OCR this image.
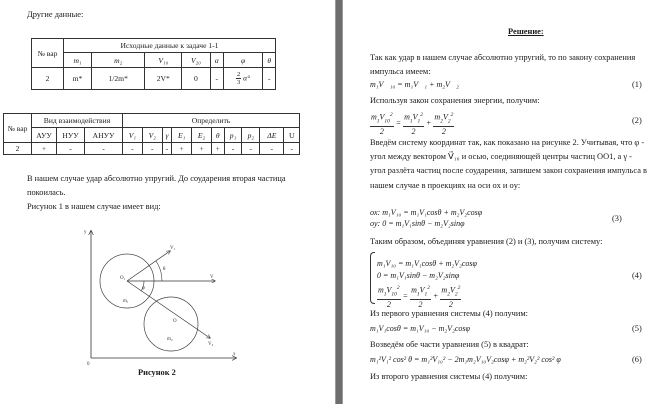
Другие данные:
№ вар	Исходные данные к задаче 1-1						
	m₁	m₂	V₁₀	V₂₀	α	φ	θ
2	m*	1/2m*	2V*	0	-	$\frac{2}{3} \alpha^\circ$	-
№ вар	Вид взаимодействия			Определить									
	АУУ	НУУ	АНУУ	V₁	V₂	γ	E₁	E₂	θ	p₁	p₂	ΔE	U
2	+	-	-	-	-	-	+	+	+	-	-	-	-
В нашем случае удар абсолютно упругий. До соударения вторая частица
покоилась.
Рисунок 1 в нашем случае имеет вид:
y
x
0
O₁
O
m₁
m₂
V₁
V₂
V
θ
φ
Рисунок 2
Решение:
Так как удар в нашем случае абсолютно упругий, то по закону сохранения
импульса имеем:
m₁V⃗₁₀ = m₁V⃗₁ + m₂V⃗₂	(1)
Используя закон сохранения энергии, получим:
$\frac{m_1V_{10}^2}{2} = \frac{m_1V_1^2}{2} + \frac{m_2V_2^2}{2}$	(2)
Введём систему координат так, как показано на рисунке 2. Учитывая, что φ -
угол между вектором V⃗₁₀ и осью, соединяющей центры частиц OO1, а γ -
угол разлёта частиц после соударения, запишем закон сохранения импульса в
нашем случае в проекциях на оси ox и oy:
ox: m₁V₁₀ = m₁V₁cosθ + m₂V₂cosφ
oy: 0 = m₁V₁sinθ − m₂V₂sinφ
(3)
Таким образом, объединяя уравнения (2) и (3), получим систему:
m₁V₁₀ = m₁V₁cosθ + m₂V₂cosφ
0 = m₁V₁sinθ − m₂V₂sinφ
$\frac{m_1V_{10}^2}{2} = \frac{m_1V_1^2}{2} + \frac{m_2V_2^2}{2}$
(4)
Из первого уравнения системы (4) получим:
m₁V₁cosθ = m₁V₁₀ − m₂V₂cosφ	(5)
Возведём обе части уравнения (5) в квадрат:
m₁²V₁² cos² θ = m₁²V₁₀² − 2m₁m₂V₁₀V₂cosφ + m₂²V₂² cos² φ	(6)
Из второго уравнения системы (4) получим:
